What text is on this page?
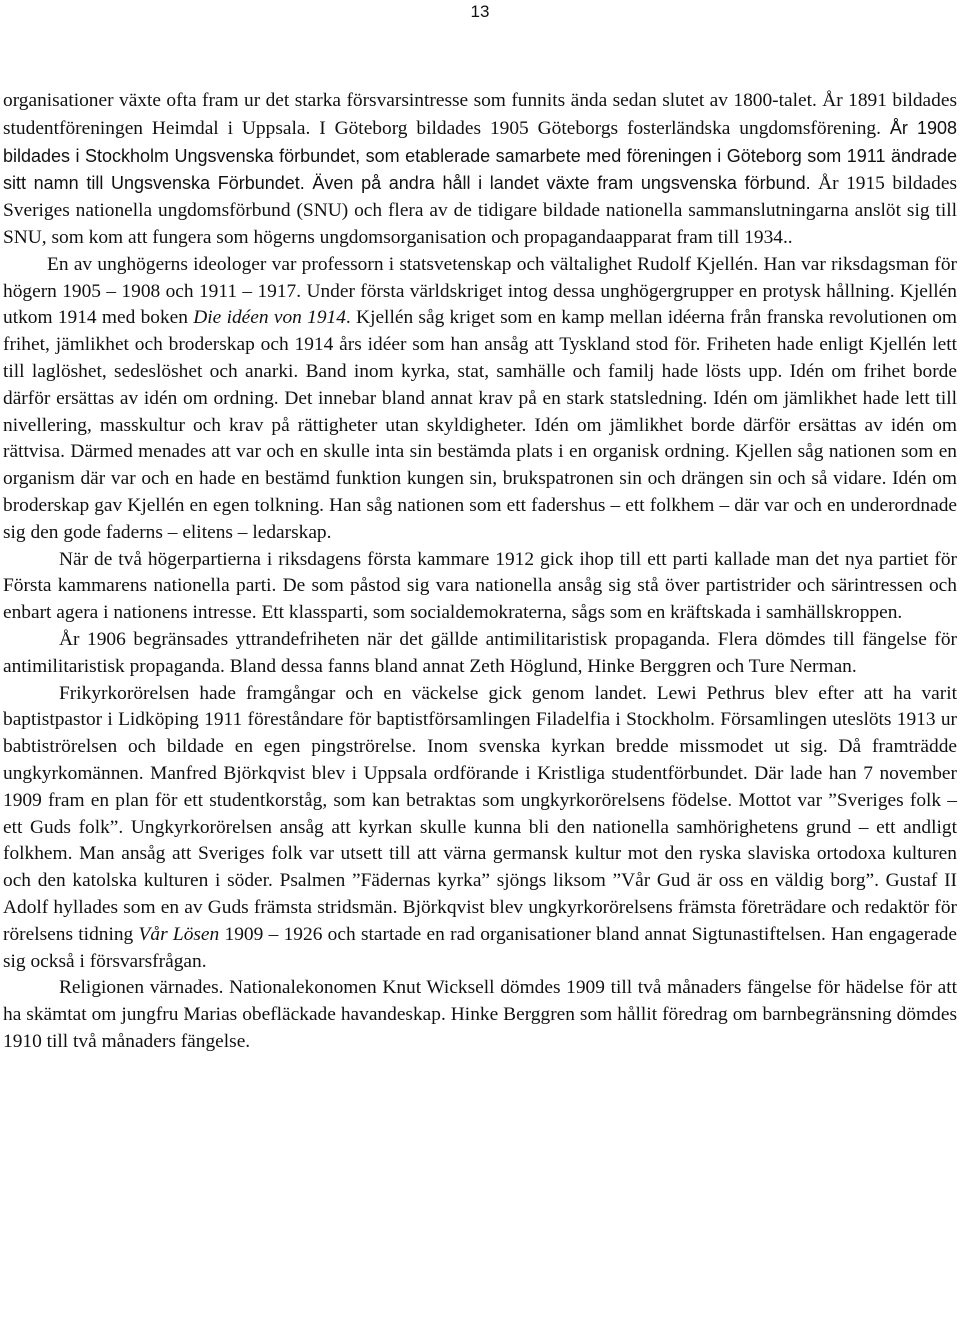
13

organisationer växte ofta fram ur det starka försvarsintresse som funnits ända sedan slutet av 1800-talet. År 1891 bildades studentföreningen Heimdal i Uppsala. I Göteborg bildades 1905 Göteborgs fosterländska ungdomsförening. År 1908 bildades i Stockholm Ungsvenska förbundet, som etablerade samarbete med föreningen i Göteborg som 1911 ändrade sitt namn till Ungsvenska Förbundet. Även på andra håll i landet växte fram ungsvenska förbund. År 1915 bildades Sveriges nationella ungdomsförbund (SNU) och flera av de tidigare bildade nationella sammanslutningarna anslöt sig till SNU, som kom att fungera som högerns ungdomsorganisation och propagandaapparat fram till 1934..

En av unghögerns ideologer var professorn i statsvetenskap och vältalighet Rudolf Kjellén. Han var riksdagsman för högern 1905 – 1908 och 1911 – 1917. Under första världskriget intog dessa unghögergrupper en protysk hållning. Kjellén utkom 1914 med boken Die idéen von 1914. Kjellén såg kriget som en kamp mellan idéerna från franska revolutionen om frihet, jämlikhet och broderskap och 1914 års idéer som han ansåg att Tyskland stod för. Friheten hade enligt Kjellén lett till laglöshet, sedeslöshet och anarki. Band inom kyrka, stat, samhälle och familj hade lösts upp. Idén om frihet borde därför ersättas av idén om ordning. Det innebar bland annat krav på en stark statsledning. Idén om jämlikhet hade lett till nivellering, masskultur och krav på rättigheter utan skyldigheter. Idén om jämlikhet borde därför ersättas av idén om rättvisa. Därmed menades att var och en skulle inta sin bestämda plats i en organisk ordning. Kjellen såg nationen som en organism där var och en hade en bestämd funktion kungen sin, brukspatronen sin och drängen sin och så vidare. Idén om broderskap gav Kjellén en egen tolkning. Han såg nationen som ett fadershus – ett folkhem – där var och en underordnade sig den gode faderns – elitens – ledarskap.

När de två högerpartierna i riksdagens första kammare 1912 gick ihop till ett parti kallade man det nya partiet för Första kammarens nationella parti. De som påstod sig vara nationella ansåg sig stå över partistrider och särintressen och enbart agera i nationens intresse. Ett klassparti, som socialdemokraterna, sågs som en kräftskada i samhällskroppen.

År 1906 begränsades yttrandefriheten när det gällde antimilitaristisk propaganda. Flera dömdes till fängelse för antimilitaristisk propaganda. Bland dessa fanns bland annat Zeth Höglund, Hinke Berggren och Ture Nerman.

Frikyrkorörelsen hade framgångar och en väckelse gick genom landet. Lewi Pethrus blev efter att ha varit baptistpastor i Lidköping 1911 föreståndare för baptistförsamlingen Filadelfia i Stockholm. Församlingen uteslöts 1913 ur babtiströrelsen och bildade en egen pingströrelse. Inom svenska kyrkan bredde missmodet ut sig. Då framträdde ungkyrkomännen. Manfred Björkqvist blev i Uppsala ordförande i Kristliga studentförbundet. Där lade han 7 november 1909 fram en plan för ett studentkorståg, som kan betraktas som ungkyrkorörelsens födelse. Mottot var ”Sveriges folk – ett Guds folk”. Ungkyrkorörelsen ansåg att kyrkan skulle kunna bli den nationella samhörighetens grund – ett andligt folkhem. Man ansåg att Sveriges folk var utsett till att värna germansk kultur mot den ryska slaviska ortodoxa kulturen och den katolska kulturen i söder. Psalmen ”Fädernas kyrka” sjöngs liksom ”Vår Gud är oss en väldig borg”. Gustaf II Adolf hyllades som en av Guds främsta stridsmän. Björkqvist blev ungkyrkorörelsens främsta företrädare och redaktör för rörelsens tidning Vår Lösen 1909 – 1926 och startade en rad organisationer bland annat Sigtunastiftelsen. Han engagerade sig också i försvarsfrågan.

Religionen värnades. Nationalekonomen Knut Wicksell dömdes 1909 till två månaders fängelse för hädelse för att ha skämtat om jungfru Marias obefläckade havandeskap. Hinke Berggren som hållit föredrag om barnbegränsning dömdes 1910 till två månaders fängelse.
